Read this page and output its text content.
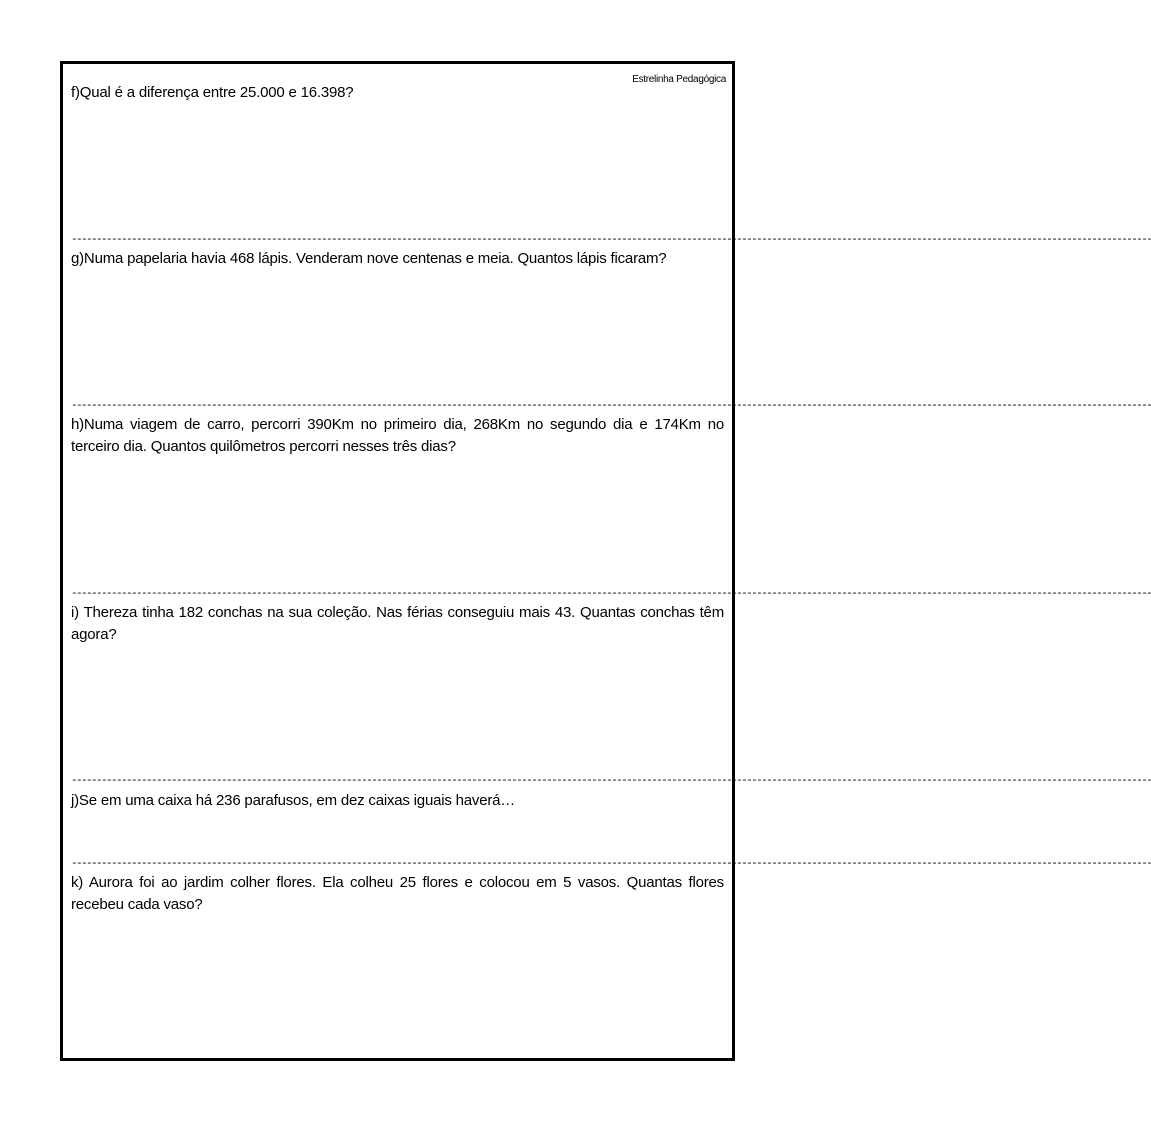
Estrelinha Pedagógica
f)Qual é a diferença entre 25.000 e 16.398?
------------------------------------------------------------------------------------------------------------------------------------------------------------------------------------------------------------------------
g)Numa papelaria havia 468 lápis. Venderam nove centenas e meia. Quantos lápis ficaram?
------------------------------------------------------------------------------------------------------------------------------------------------------------------------------------------------------------------------
h)Numa viagem de carro, percorri 390Km no primeiro dia, 268Km no segundo dia e 174Km no terceiro dia. Quantos quilômetros percorri nesses três dias?
------------------------------------------------------------------------------------------------------------------------------------------------------------------------------------------------------------------------
i) Thereza tinha 182 conchas na sua coleção. Nas férias conseguiu mais 43. Quantas conchas têm agora?
------------------------------------------------------------------------------------------------------------------------------------------------------------------------------------------------------------------------
j)Se em uma caixa há 236 parafusos, em dez caixas iguais haverá…
------------------------------------------------------------------------------------------------------------------------------------------------------------------------------------------------------------------------
k) Aurora foi ao jardim colher flores. Ela colheu 25 flores e colocou em 5 vasos. Quantas flores recebeu cada vaso?
